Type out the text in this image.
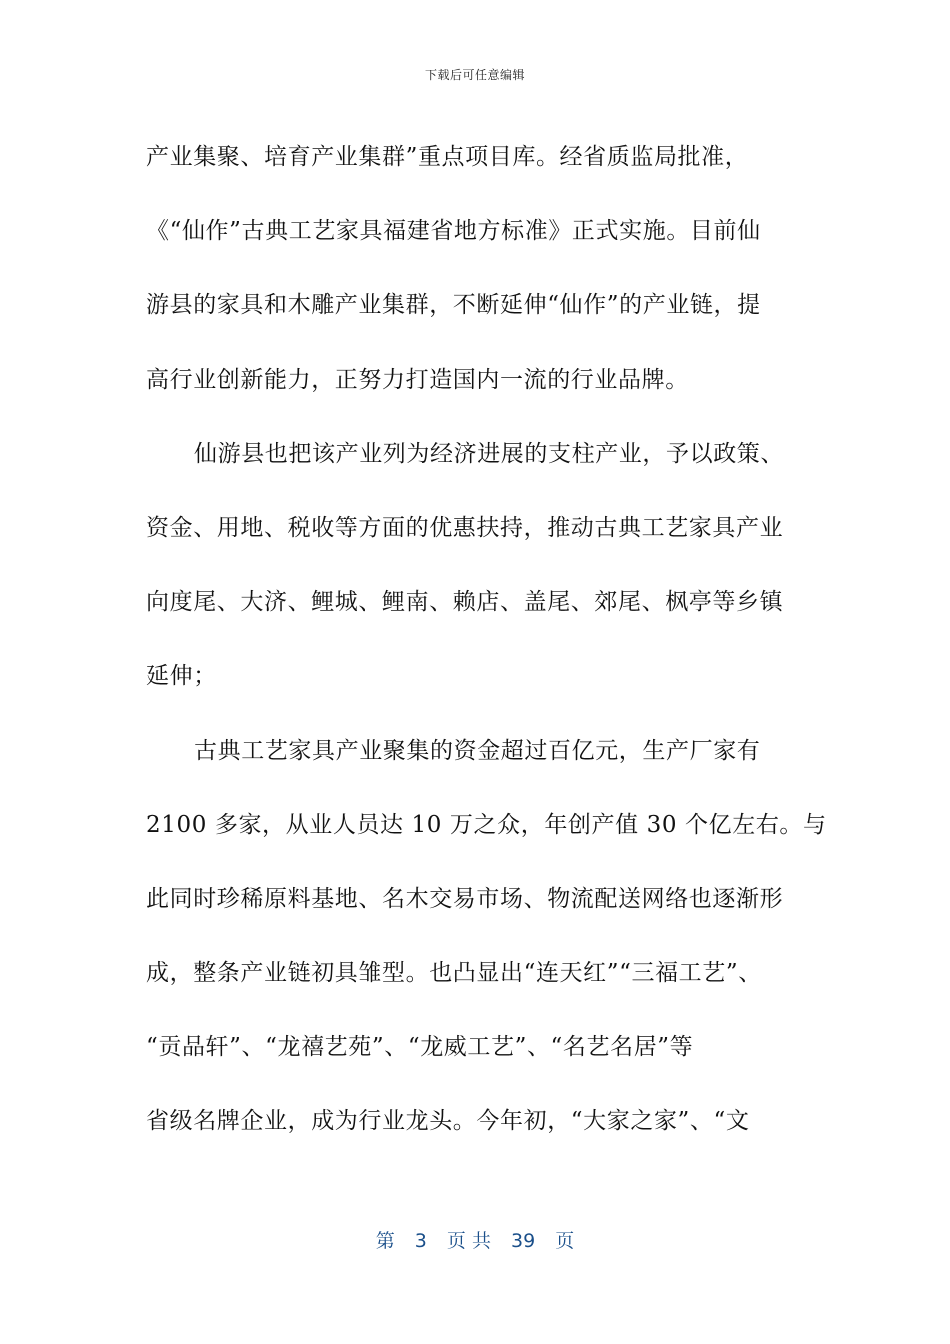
下载后可任意编辑
产业集聚、培育产业集群”重点项目库。经省质监局批准，
《“仙作”古典工艺家具福建省地方标准》正式实施。目前仙
游县的家具和木雕产业集群，不断延伸“仙作”的产业链，提
高行业创新能力，正努力打造国内一流的行业品牌。
仙游县也把该产业列为经济进展的支柱产业，予以政策、
资金、用地、税收等方面的优惠扶持，推动古典工艺家具产业
向度尾、大济、鲤城、鲤南、赖店、盖尾、郊尾、枫亭等乡镇
延伸；
古典工艺家具产业聚集的资金超过百亿元，生产厂家有
2100 多家，从业人员达 10 万之众，年创产值 30 个亿左右。与
此同时珍稀原料基地、名木交易市场、物流配送网络也逐渐形
成，整条产业链初具雏型。也凸显出“连天红”“三福工艺”、
“贡品轩”、“龙禧艺苑”、“龙威工艺”、“名艺名居”等
省级名牌企业，成为行业龙头。今年初，“大家之家”、“文
第 3 页 共 39 页
